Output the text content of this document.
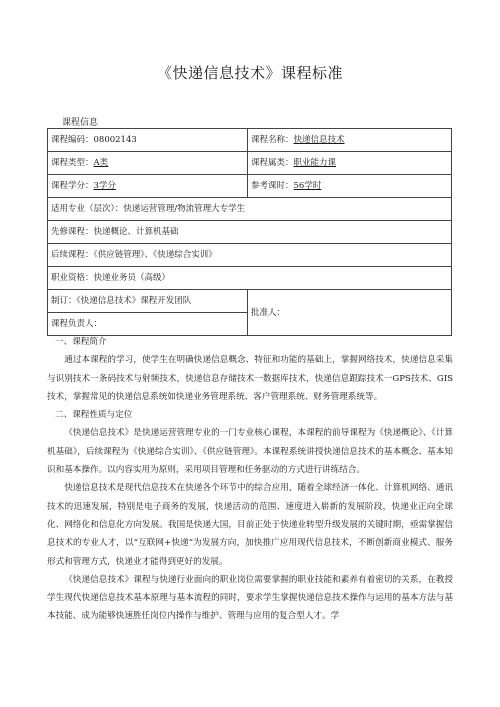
《快递信息技术》课程标准
课程信息
课程编码：08002143	课程名称：快递信息技术
课程类型：A类	课程属类：职业能力课
课程学分：3学分	参考课时：56学时
适用专业（层次）：快递运营管理/物流管理大专学生	
先修课程：快递概论、计算机基础	
后续课程：《供应链管理》、《快递综合实训》	
职业资格：快递业务员（高级）	
制订：《快递信息技术》课程开发团队	批准人：
课程负责人：	

一、课程简介

通过本课程的学习，使学生在明确快递信息概念、特征和功能的基础上，掌握网络技术，快递信息采集与识别技术一条码技术与射频技术，快递信息存储技术一数据库技术，快递信息跟踪技术一GPS技术、GIS技术，掌握常见的快递信息系统如快递业务管理系统、客户管理系统、财务管理系统等。

二、课程性质与定位

《快递信息技术》是快递运营管理专业的一门专业核心课程，本课程的前导课程为《快递概论》、《计算机基础》，后续课程为《快递综合实训》、《供应链管理》。本课程系统讲授快递信息技术的基本概念、基本知识和基本操作。以内容实用为原则，采用项目管理和任务驱动的方式进行讲练结合。

快递信息技术是现代信息技术在快递各个环节中的综合应用，随着全球经济一体化、计算机网络、通讯技术的迅速发展，特别是电子商务的发展，快递活动的范围、速度进入崭新的发展阶段，快递业正向全球化、网络化和信息化方向发展。我国是快递大国，目前正处于快递业转型升级发展的关键时期，亟需掌握信息技术的专业人才，以“互联网+快递”为发展方向，加快推广应用现代信息技术，不断创新商业模式、服务形式和管理方式，快递业才能得到更好的发展。

《快递信息技术》课程与快递行业面向的职业岗位需要掌握的职业技能和素养有着密切的关系，在教授学生现代快递信息技术基本原理与基本流程的同时，要求学生掌握快递信息技术操作与运用的基本方法与基本技能、成为能够快速胜任岗位内操作与维护、管理与应用的复合型人才。学
